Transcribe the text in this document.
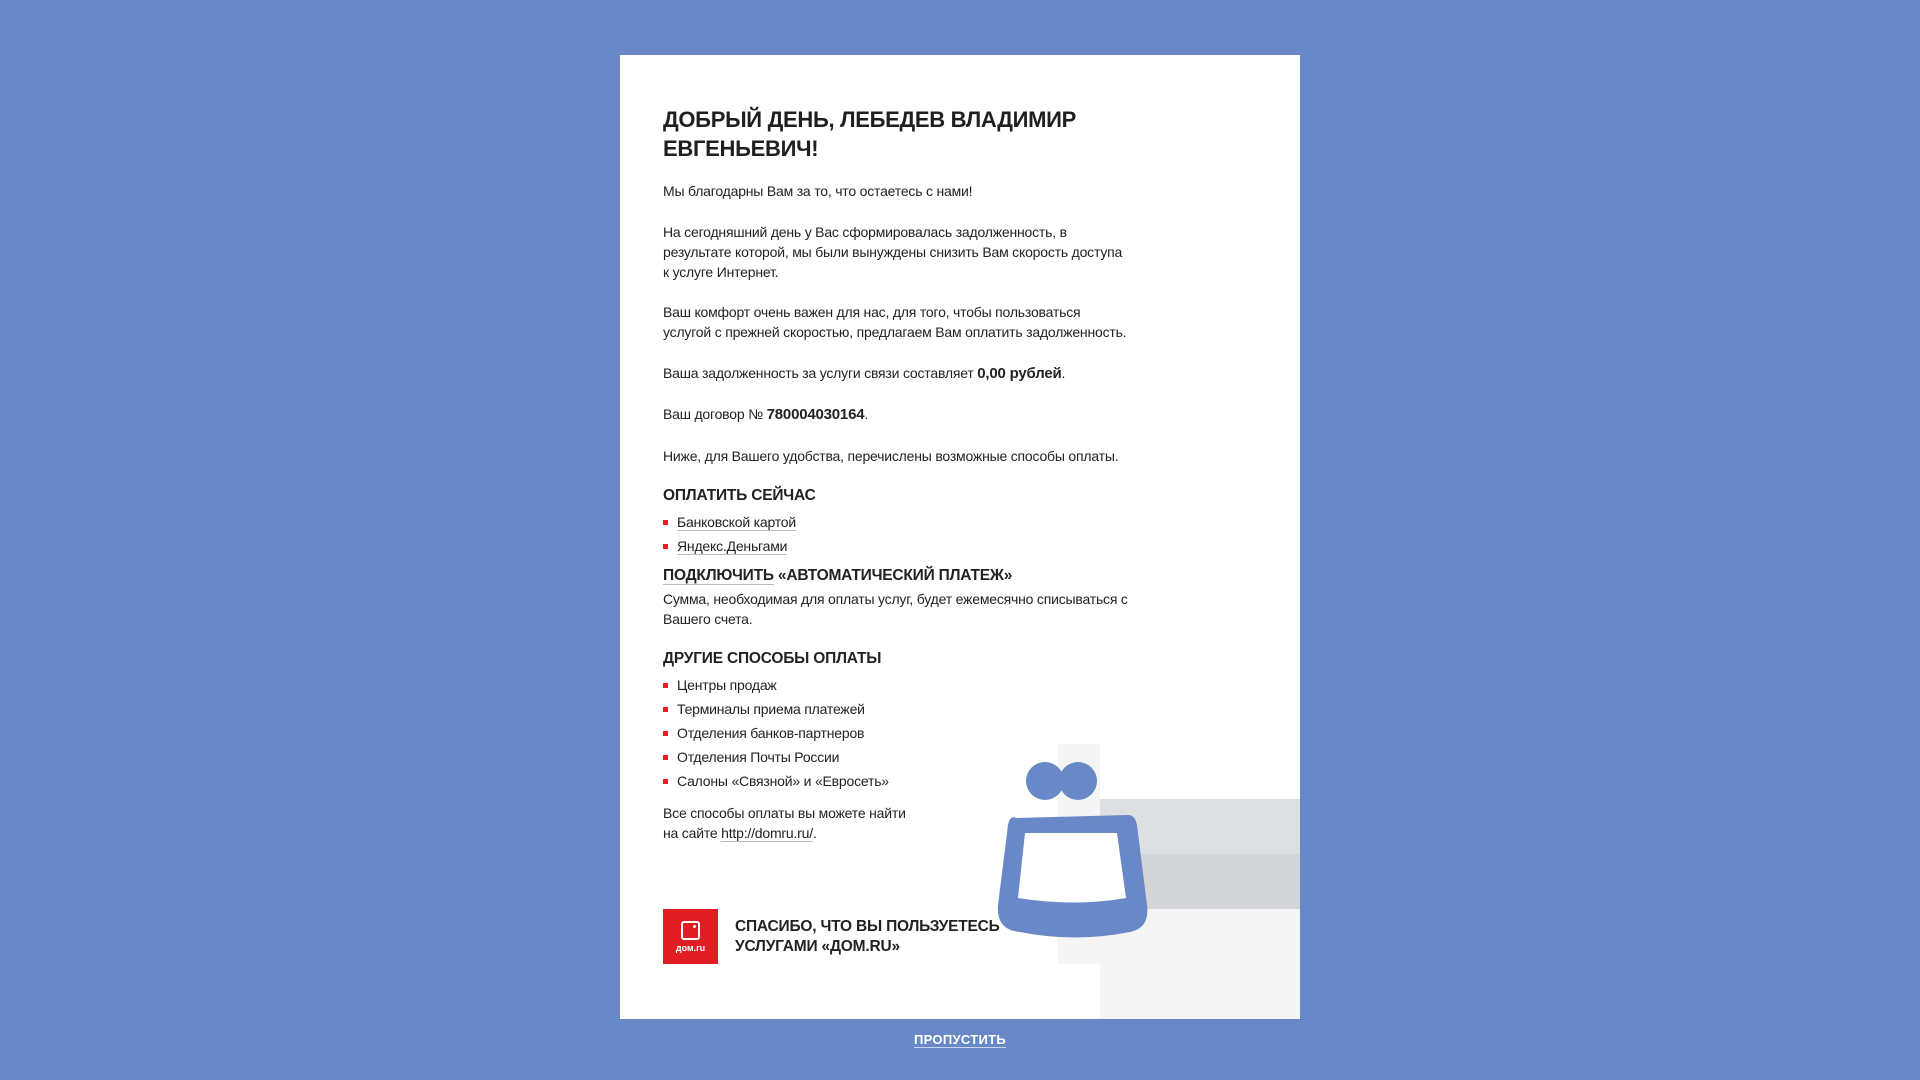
ДОБРЫЙ ДЕНЬ, ЛЕБЕДЕВ ВЛАДИМИР
ЕВГЕНЬЕВИЧ!

Мы благодарны Вам за то, что остаетесь с нами!

На сегодняшний день у Вас сформировалась задолженность, в
результате которой, мы были вынуждены снизить Вам скорость доступа
к услуге Интернет.

Ваш комфорт очень важен для нас, для того, чтобы пользоваться
услугой с прежней скоростью, предлагаем Вам оплатить задолженность.

Ваша задолженность за услуги связи составляет 0,00 рублей.

Ваш договор № 780004030164.

Ниже, для Вашего удобства, перечислены возможные способы оплаты.

ОПЛАТИТЬ СЕЙЧАС
Банковской картой
Яндекс.Деньгами
ПОДКЛЮЧИТЬ «АВТОМАТИЧЕСКИЙ ПЛАТЕЖ»

Сумма, необходимая для оплаты услуг, будет ежемесячно списываться с
Вашего счета.

ДРУГИЕ СПОСОБЫ ОПЛАТЫ
Центры продаж
Терминалы приема платежей
Отделения банков-партнеров
Отделения Почты России
Салоны «Связной» и «Евросеть»

Все способы оплаты вы можете найти
на сайте http://domru.ru/.

дом.ru
СПАСИБО, ЧТО ВЫ ПОЛЬЗУЕТЕСЬ
УСЛУГАМИ «ДОМ.RU»
ПРОПУСТИТЬ
